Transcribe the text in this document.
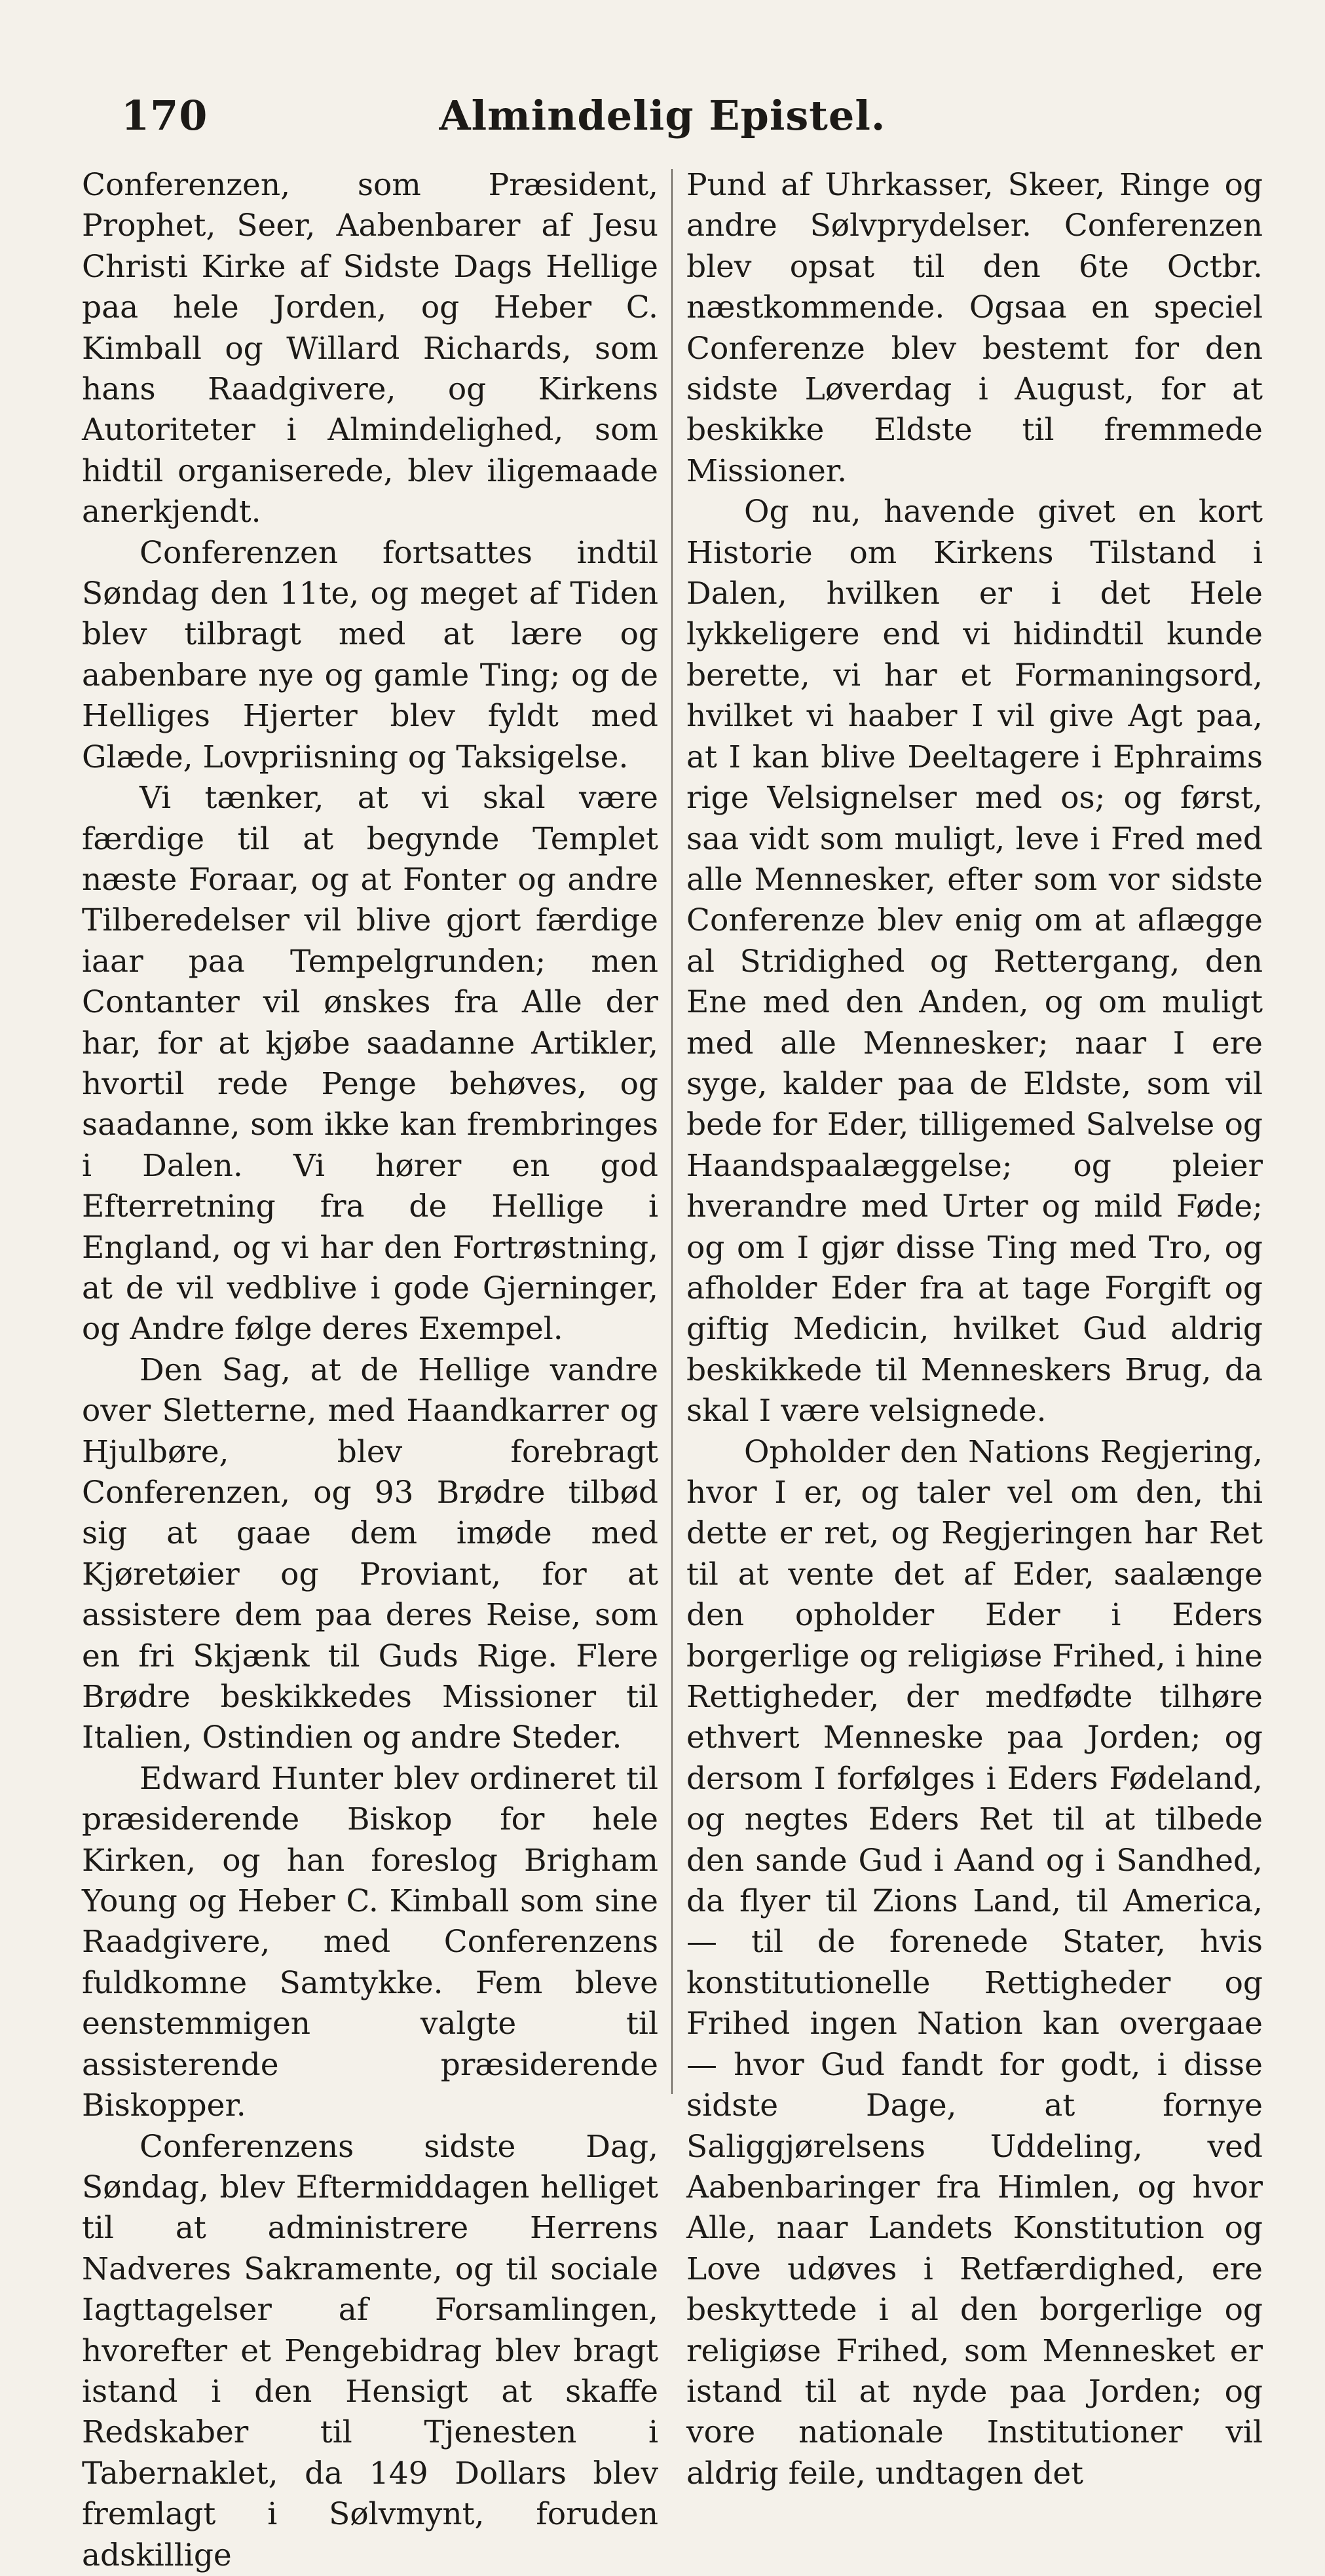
170	Almindelig Epistel.

Conferenzen, som Præsident, Prophet, Seer, Aabenbarer af Jesu Christi Kirke af Sidste Dags Hellige paa hele Jorden, og Heber C. Kimball og Willard Richards, som hans Raadgivere, og Kirkens Autoriteter i Almindelighed, som hidtil organiserede, blev iligemaade anerkjendt.

Conferenzen fortsattes indtil Søndag den 11te, og meget af Tiden blev tilbragt med at lære og aabenbare nye og gamle Ting; og de Helliges Hjerter blev fyldt med Glæde, Lovpriisning og Taksigelse.

Vi tænker, at vi skal være færdige til at begynde Templet næste Foraar, og at Fonter og andre Tilberedelser vil blive gjort færdige iaar paa Tempelgrunden; men Contanter vil ønskes fra Alle der har, for at kjøbe saadanne Artikler, hvortil rede Penge behøves, og saadanne, som ikke kan frembringes i Dalen. Vi hører en god Efterretning fra de Hellige i England, og vi har den Fortrøstning, at de vil vedblive i gode Gjerninger, og Andre følge deres Exempel.

Den Sag, at de Hellige vandre over Sletterne, med Haandkarrer og Hjulbøre, blev forebragt Conferenzen, og 93 Brødre tilbød sig at gaae dem imøde med Kjøretøier og Proviant, for at assistere dem paa deres Reise, som en fri Skjænk til Guds Rige. Flere Brødre beskikkedes Missioner til Italien, Ostindien og andre Steder.

Edward Hunter blev ordineret til præsiderende Biskop for hele Kirken, og han foreslog Brigham Young og Heber C. Kimball som sine Raadgivere, med Conferenzens fuldkomne Samtykke. Fem bleve eenstemmigen valgte til assisterende præsiderende Biskopper.

Conferenzens sidste Dag, Søndag, blev Eftermiddagen helliget til at administrere Herrens Nadveres Sakramente, og til sociale Iagttagelser af Forsamlingen, hvorefter et Pengebidrag blev bragt istand i den Hensigt at skaffe Redskaber til Tjenesten i Tabernaklet, da 149 Dollars blev fremlagt i Sølvmynt, foruden adskillige

Pund af Uhrkasser, Skeer, Ringe og andre Sølvprydelser. Conferenzen blev opsat til den 6te Octbr. næstkommende. Ogsaa en speciel Conferenze blev bestemt for den sidste Løverdag i August, for at beskikke Eldste til fremmede Missioner.

Og nu, havende givet en kort Historie om Kirkens Tilstand i Dalen, hvilken er i det Hele lykkeligere end vi hidindtil kunde berette, vi har et Formaningsord, hvilket vi haaber I vil give Agt paa, at I kan blive Deeltagere i Ephraims rige Velsignelser med os; og først, saa vidt som muligt, leve i Fred med alle Mennesker, efter som vor sidste Conferenze blev enig om at aflægge al Stridighed og Rettergang, den Ene med den Anden, og om muligt med alle Mennesker; naar I ere syge, kalder paa de Eldste, som vil bede for Eder, tilligemed Salvelse og Haandspaalæggelse; og pleier hverandre med Urter og mild Føde; og om I gjør disse Ting med Tro, og afholder Eder fra at tage Forgift og giftig Medicin, hvilket Gud aldrig beskikkede til Menneskers Brug, da skal I være velsignede.

Opholder den Nations Regjering, hvor I er, og taler vel om den, thi dette er ret, og Regjeringen har Ret til at vente det af Eder, saalænge den opholder Eder i Eders borgerlige og religiøse Frihed, i hine Rettigheder, der medfødte tilhøre ethvert Menneske paa Jorden; og dersom I forfølges i Eders Fødeland, og negtes Eders Ret til at tilbede den sande Gud i Aand og i Sandhed, da flyer til Zions Land, til America, — til de forenede Stater, hvis konstitutionelle Rettigheder og Frihed ingen Nation kan overgaae — hvor Gud fandt for godt, i disse sidste Dage, at fornye Saliggjørelsens Uddeling, ved Aabenbaringer fra Himlen, og hvor Alle, naar Landets Konstitution og Love udøves i Retfærdighed, ere beskyttede i al den borgerlige og religiøse Frihed, som Mennesket er istand til at nyde paa Jorden; og vore nationale Institutioner vil aldrig feile, undtagen det
